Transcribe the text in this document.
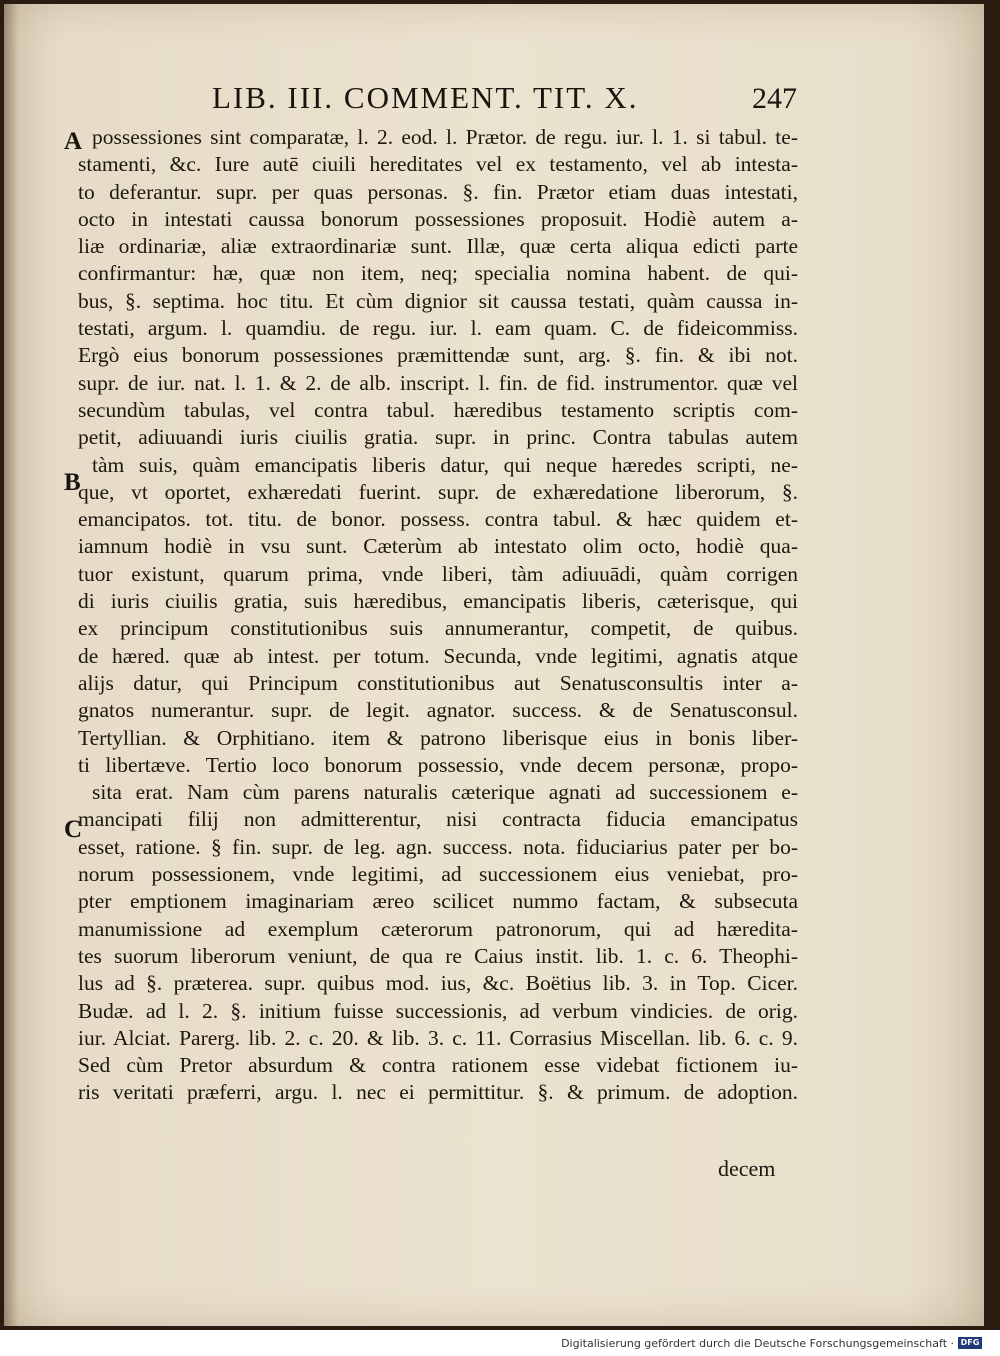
LIB. III. COMMENT. TIT. X.	247
A
B
C
possessiones sint comparatæ, l. 2. eod. l. Prætor. de regu. iur. l. 1. si tabul. te-
stamenti, &c. Iure autē ciuili hereditates vel ex testamento, vel ab intesta-
to deferantur. supr. per quas personas. §. fin. Prætor etiam duas intestati,
octo in intestati caussa bonorum possessiones proposuit. Hodiè autem a-
liæ ordinariæ, aliæ extraordinariæ sunt. Illæ, quæ certa aliqua edicti parte
confirmantur: hæ, quæ non item, neq; specialia nomina habent. de qui-
bus, §. septima. hoc titu. Et cùm dignior sit caussa testati, quàm caussa in-
testati, argum. l. quamdiu. de regu. iur. l. eam quam. C. de fideicommiss.
Ergò eius bonorum possessiones præmittendæ sunt, arg. §. fin. & ibi not.
supr. de iur. nat. l. 1. & 2. de alb. inscript. l. fin. de fid. instrumentor. quæ vel
secundùm tabulas, vel contra tabul. hæredibus testamento scriptis com-
petit, adiuuandi iuris ciuilis gratia. supr. in princ. Contra tabulas autem
tàm suis, quàm emancipatis liberis datur, qui neque hæredes scripti, ne-
que, vt oportet, exhæredati fuerint. supr. de exhæredatione liberorum, §.
emancipatos. tot. titu. de bonor. possess. contra tabul. & hæc quidem et-
iamnum hodiè in vsu sunt. Cæterùm ab intestato olim octo, hodiè qua-
tuor existunt, quarum prima, vnde liberi, tàm adiuuādi, quàm corrigen
di iuris ciuilis gratia, suis hæredibus, emancipatis liberis, cæterisque, qui
ex principum constitutionibus suis annumerantur, competit, de quibus.
de hæred. quæ ab intest. per totum. Secunda, vnde legitimi, agnatis atque
alijs datur, qui Principum constitutionibus aut Senatusconsultis inter a-
gnatos numerantur. supr. de legit. agnator. success. & de Senatusconsul.
Tertyllian. & Orphitiano. item & patrono liberisque eius in bonis liber-
ti libertæve. Tertio loco bonorum possessio, vnde decem personæ, propo-
sita erat. Nam cùm parens naturalis cæterique agnati ad successionem e-
mancipati filij non admitterentur, nisi contracta fiducia emancipatus
esset, ratione. § fin. supr. de leg. agn. success. nota. fiduciarius pater per bo-
norum possessionem, vnde legitimi, ad successionem eius veniebat, pro-
pter emptionem imaginariam æreo scilicet nummo factam, & subsecuta
manumissione ad exemplum cæterorum patronorum, qui ad hæredita-
tes suorum liberorum veniunt, de qua re Caius instit. lib. 1. c. 6. Theophi-
lus ad §. præterea. supr. quibus mod. ius, &c. Boëtius lib. 3. in Top. Cicer.
Budæ. ad l. 2. §. initium fuisse successionis, ad verbum vindicies. de orig.
iur. Alciat. Parerg. lib. 2. c. 20. & lib. 3. c. 11. Corrasius Miscellan. lib. 6. c. 9.
Sed cùm Pretor absurdum & contra rationem esse videbat fictionem iu-
ris veritati præferri, argu. l. nec ei permittitur. §. & primum. de adoption.
decem
Digitalisierung gefördert durch die Deutsche Forschungsgemeinschaft · DFG
